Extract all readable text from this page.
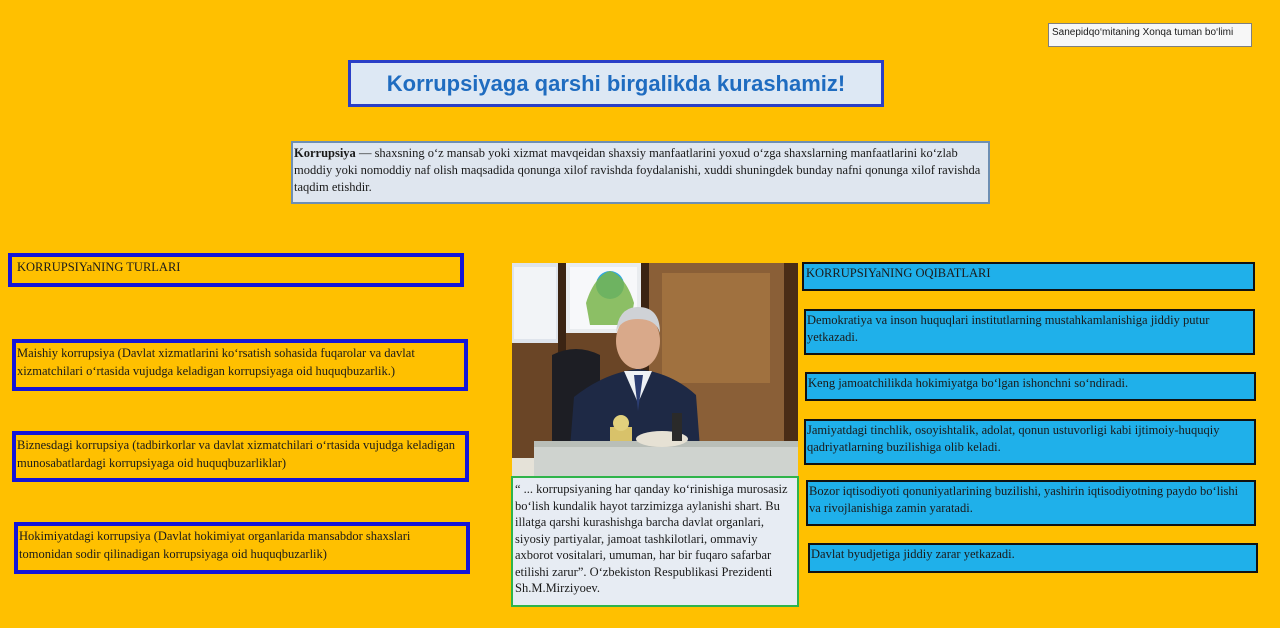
Sanepidqo‘mitaning Xonqa tuman bo‘limi
Korrupsiyaga qarshi birgalikda kurashamiz!
Korrupsiya — shaxsning o‘z mansab yoki xizmat mavqeidan shaxsiy manfaatlarini yoxud o‘zga shaxslarning manfaatlarini ko‘zlab moddiy yoki nomoddiy naf olish maqsadida qonunga xilof ravishda foydalanishi, xuddi shuningdek bunday nafni qonunga xilof ravishda taqdim etishdir.
KORRUPSIYaNING TURLARI
Maishiy korrupsiya (Davlat xizmatlarini ko‘rsatish sohasida fuqarolar va davlat xizmatchilari o‘rtasida vujudga keladigan korrupsiyaga oid huquqbuzarlik.)
Biznesdagi korrupsiya (tadbirkorlar va davlat xizmatchilari o‘rtasida vujudga keladigan munosabatlardagi korrupsiyaga oid huquqbuzarliklar)
Hokimiyatdagi korrupsiya (Davlat hokimiyat organlarida mansabdor shaxslari tomonidan sodir qilinadigan korrupsiyaga oid huquqbuzarlik)
“ ... korrupsiyaning har qanday ko‘rinishiga murosasiz bo‘lish kundalik hayot tarzimizga aylanishi shart. Bu illatga qarshi kurashishga barcha davlat organlari, siyosiy partiyalar, jamoat tashkilotlari, ommaviy axborot vositalari, umuman, har bir fuqaro safarbar etilishi zarur”. O‘zbekiston Respublikasi Prezidenti Sh.M.Mirziyoev.
KORRUPSIYaNING OQIBATLARI
Demokratiya va inson huquqlari institutlarning mustahkamlanishiga jiddiy putur yetkazadi.
Keng jamoatchilikda hokimiyatga bo‘lgan ishonchni so‘ndiradi.
Jamiyatdagi tinchlik, osoyishtalik, adolat, qonun ustuvorligi kabi ijtimoiy-huquqiy qadriyatlarning buzilishiga olib keladi.
Bozor iqtisodiyoti qonuniyatlarining buzilishi, yashirin iqtisodiyotning paydo bo‘lishi va rivojlanishiga zamin yaratadi.
Davlat byudjetiga jiddiy zarar yetkazadi.
